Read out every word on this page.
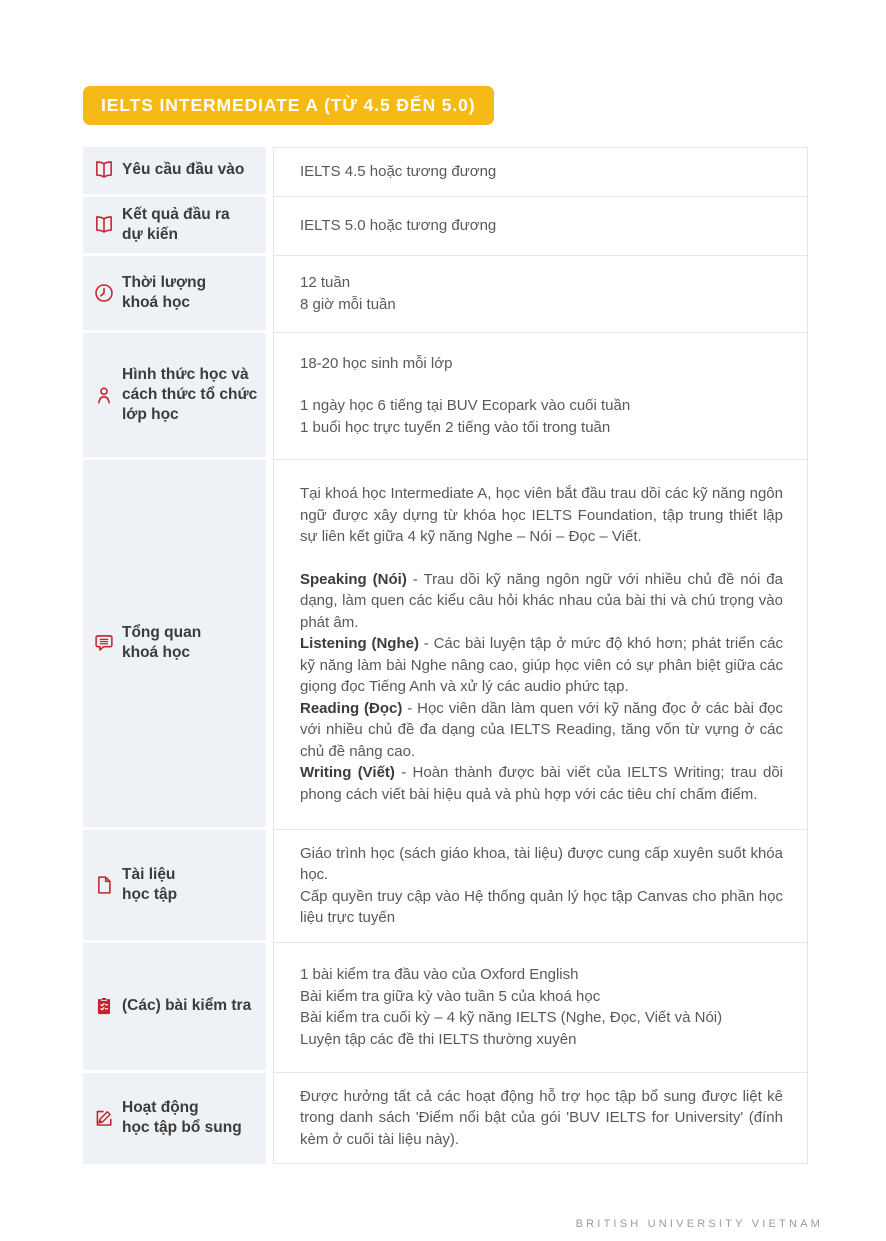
IELTS INTERMEDIATE A (TỪ 4.5 ĐẾN 5.0)
Yêu cầu đầu vào	IELTS 4.5 hoặc tương đương

Kết quả đầu ra
dự kiến

IELTS 5.0 hoặc tương đương

Thời lượng
khoá học

12 tuần
8 giờ mỗi tuần

Hình thức học và
cách thức tổ chức
lớp học

18-20 học sinh mỗi lớp

1 ngày học 6 tiếng tại BUV Ecopark vào cuối tuần
1 buổi học trực tuyến 2 tiếng vào tối trong tuần

Tổng quan
khoá học

Tại khoá học Intermediate A, học viên bắt đầu trau dồi các kỹ năng ngôn ngữ được xây dựng từ khóa học IELTS Foundation, tập trung thiết lập sự liên kết giữa 4 kỹ năng Nghe – Nói – Đọc – Viết.

Speaking (Nói) - Trau dồi kỹ năng ngôn ngữ với nhiều chủ đề nói đa dạng, làm quen các kiểu câu hỏi khác nhau của bài thi và chú trọng vào phát âm.

Listening (Nghe) - Các bài luyện tập ở mức độ khó hơn; phát triển các kỹ năng làm bài Nghe nâng cao, giúp học viên có sự phân biệt giữa các giọng đọc Tiếng Anh và xử lý các audio phức tạp.

Reading (Đọc) - Học viên dần làm quen với kỹ năng đọc ở các bài đọc với nhiều chủ đề đa dạng của IELTS Reading, tăng vốn từ vựng ở các chủ đề nâng cao.

Writing (Viết) - Hoàn thành được bài viết của IELTS Writing; trau dồi phong cách viết bài hiệu quả và phù hợp với các tiêu chí chấm điểm.

Tài liệu
học tập

Giáo trình học (sách giáo khoa, tài liệu) được cung cấp xuyên suốt khóa học.
Cấp quyền truy cập vào Hệ thống quản lý học tập Canvas cho phần học liệu trực tuyến

(Các) bài kiểm tra

1 bài kiểm tra đầu vào của Oxford English
Bài kiểm tra giữa kỳ vào tuần 5 của khoá học
Bài kiểm tra cuối kỳ – 4 kỹ năng IELTS (Nghe, Đọc, Viết và Nói)
Luyện tập các đề thi IELTS thường xuyên

Hoạt động
học tập bổ sung

Được hưởng tất cả các hoạt động hỗ trợ học tập bổ sung được liệt kê trong danh sách 'Điểm nổi bật của gói 'BUV IELTS for University' (đính kèm ở cuối tài liệu này).

BRITISH UNIVERSITY VIETNAM
